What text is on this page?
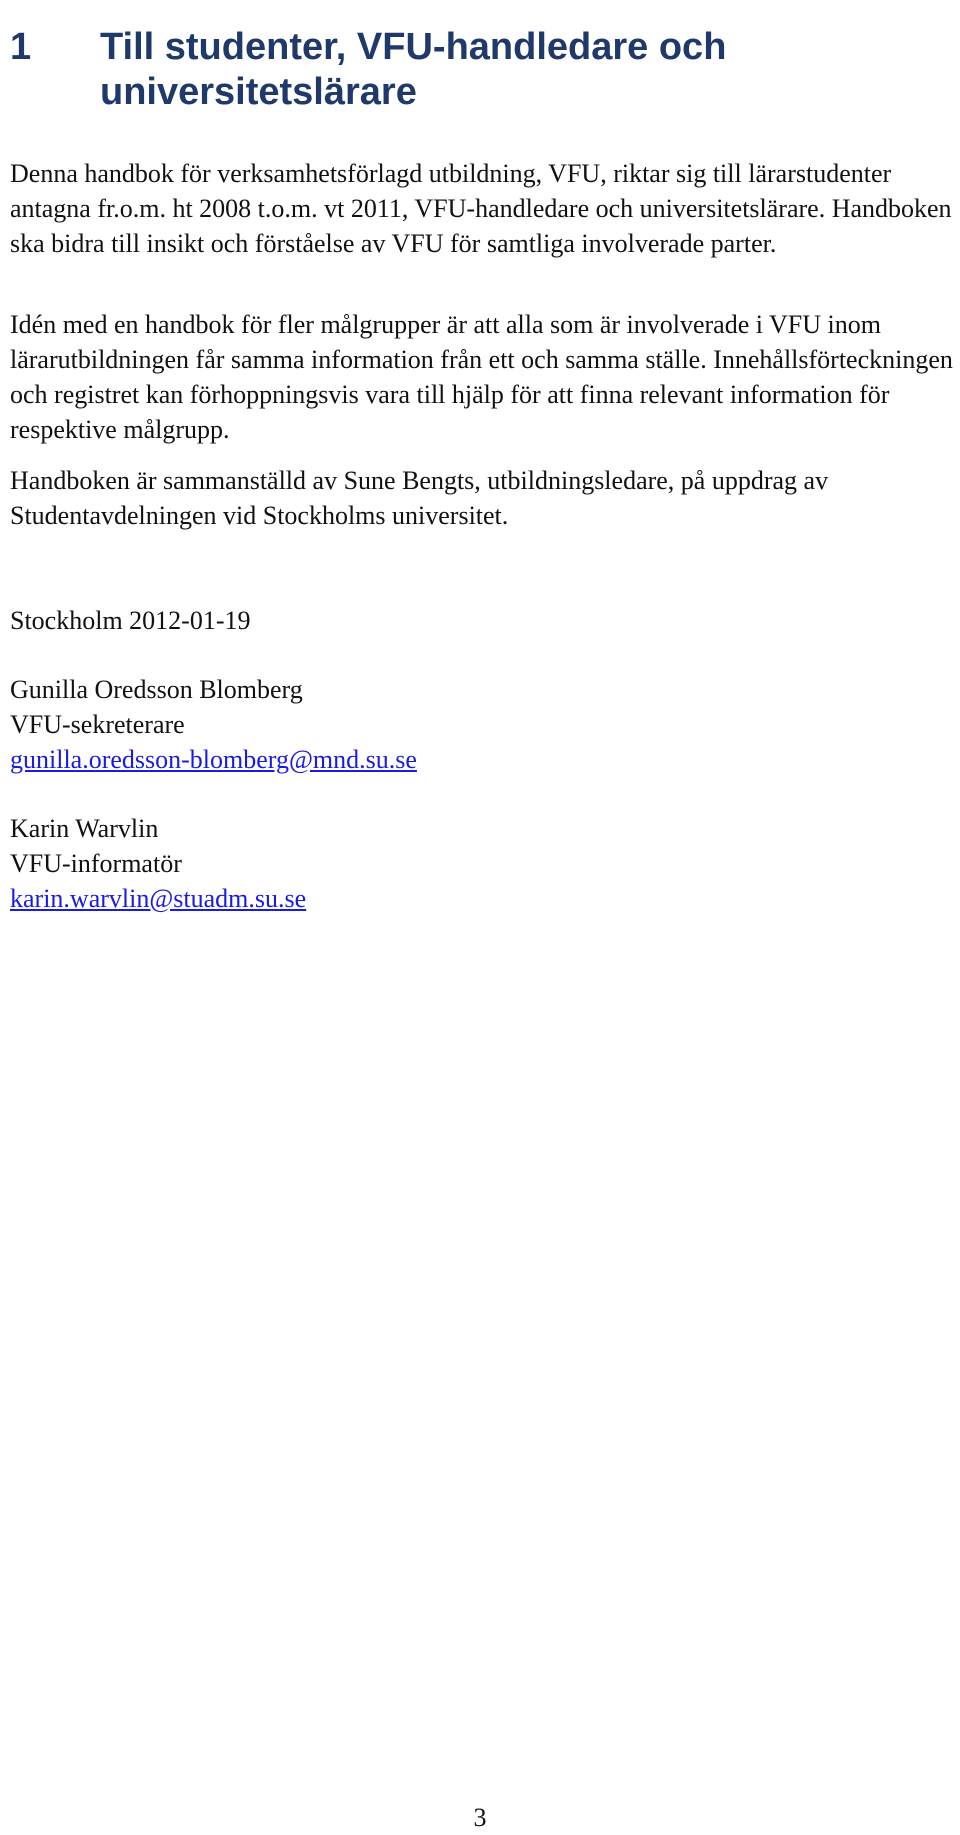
1	Till studenter, VFU-handledare och universitetslärare

Denna handbok för verksamhetsförlagd utbildning, VFU, riktar sig till lärarstudenter antagna fr.o.m. ht 2008 t.o.m. vt 2011, VFU-handledare och universitetslärare. Handboken ska bidra till insikt och förståelse av VFU för samtliga involverade parter.

Idén med en handbok för fler målgrupper är att alla som är involverade i VFU inom lärarutbildningen får samma information från ett och samma ställe. Innehållsförteckningen och registret kan förhoppningsvis vara till hjälp för att finna relevant information för respektive målgrupp.

Handboken är sammanställd av Sune Bengts, utbildningsledare, på uppdrag av Studentavdelningen vid Stockholms universitet.

Stockholm 2012-01-19

Gunilla Oredsson Blomberg

VFU-sekreterare

gunilla.oredsson-blomberg@mnd.su.se

Karin Warvlin

VFU-informatör

karin.warvlin@stuadm.su.se

3
